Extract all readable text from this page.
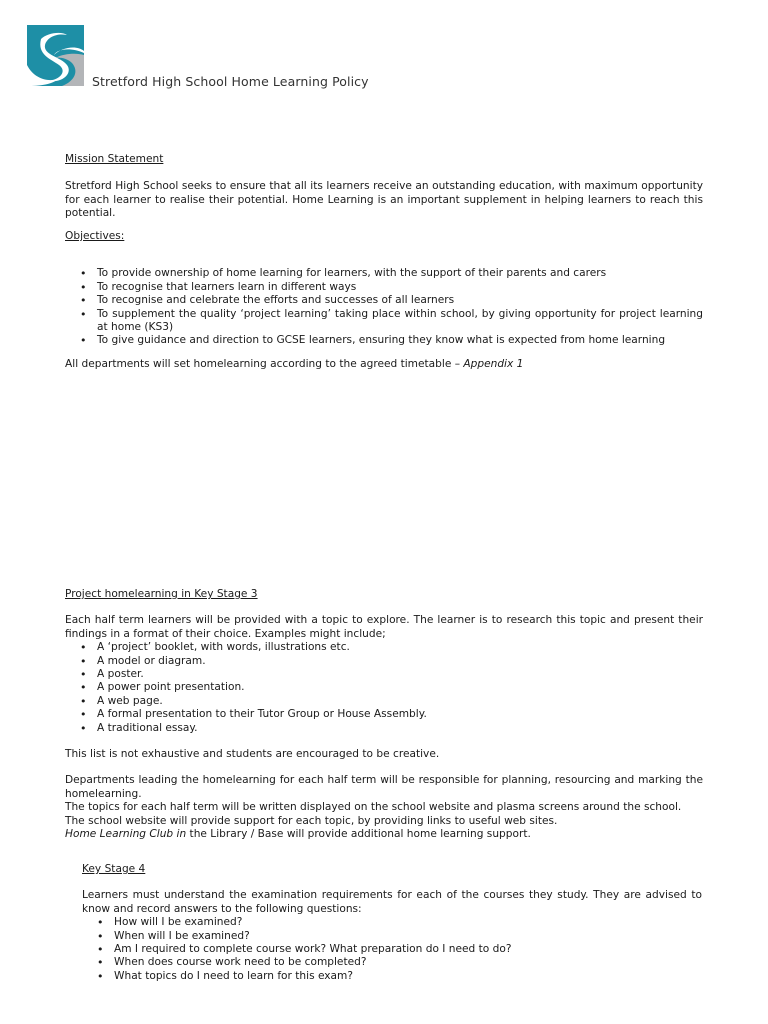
Stretford High School Home Learning Policy
Mission Statement
Stretford High School seeks to ensure that all its learners receive an outstanding education, with maximum opportunity for each learner to realise their potential. Home Learning is an important supplement in helping learners to reach this potential.
Objectives:
• To provide ownership of home learning for learners, with the support of their parents and carers
• To recognise that learners learn in different ways
• To recognise and celebrate the efforts and successes of all learners
• To supplement the quality ‘project learning’ taking place within school, by giving opportunity for project learning at home (KS3)
• To give guidance and direction to GCSE learners, ensuring they know what is expected from home learning
All departments will set homelearning according to the agreed timetable – Appendix 1
Project homelearning in Key Stage 3
Each half term learners will be provided with a topic to explore. The learner is to research this topic and present their findings in a format of their choice. Examples might include;
• A ‘project’ booklet, with words, illustrations etc.
• A model or diagram.
• A poster.
• A power point presentation.
• A web page.
• A formal presentation to their Tutor Group or House Assembly.
• A traditional essay.
This list is not exhaustive and students are encouraged to be creative.
Departments leading the homelearning for each half term will be responsible for planning, resourcing and marking the homelearning.
The topics for each half term will be written displayed on the school website and plasma screens around the school.
The school website will provide support for each topic, by providing links to useful web sites.
Home Learning Club in the Library / Base will provide additional home learning support.
Key Stage 4
Learners must understand the examination requirements for each of the courses they study. They are advised to know and record answers to the following questions:
• How will I be examined?
• When will I be examined?
• Am I required to complete course work? What preparation do I need to do?
• When does course work need to be completed?
• What topics do I need to learn for this exam?
